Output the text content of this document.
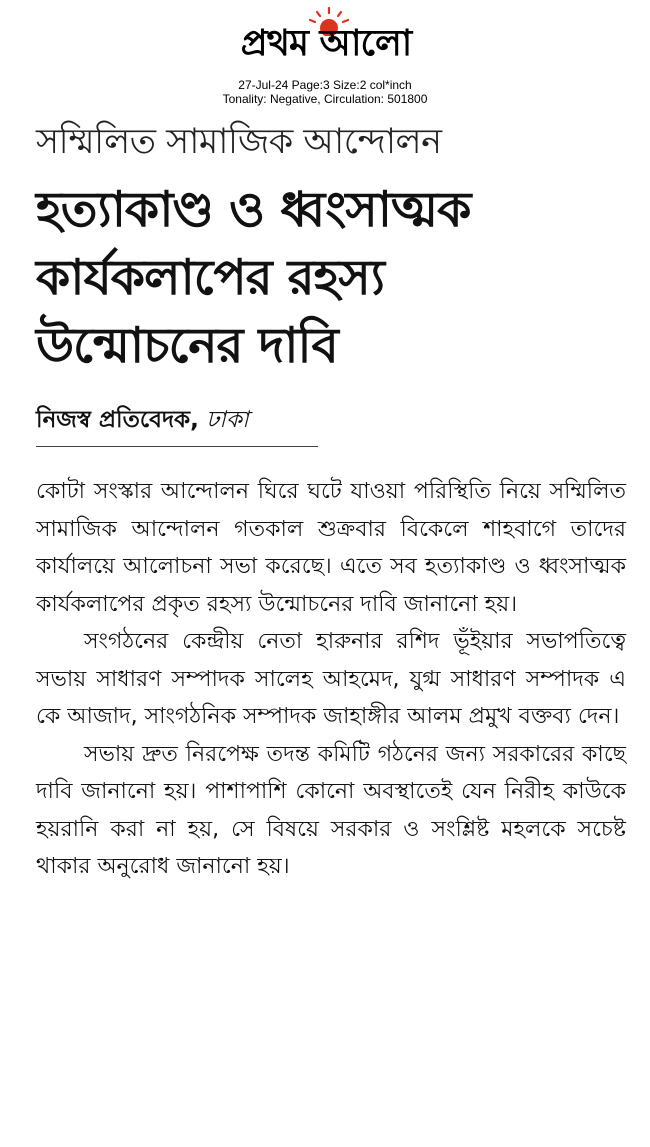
প্রথম আলো
27-Jul-24 Page:3 Size:2 col*inch
Tonality: Negative, Circulation: 501800
সম্মিলিত সামাজিক আন্দোলন
হত্যাকাণ্ড ও ধ্বংসাত্মক
কার্যকলাপের রহস্য
উন্মোচনের দাবি
নিজস্ব প্রতিবেদক, ঢাকা

কোটা সংস্কার আন্দোলন ঘিরে ঘটে যাওয়া পরিস্থিতি নিয়ে সম্মিলিত সামাজিক আন্দোলন গতকাল শুক্রবার বিকেলে শাহবাগে তাদের কার্যালয়ে আলোচনা সভা করেছে। এতে সব হত্যাকাণ্ড ও ধ্বংসাত্মক কার্যকলাপের প্রকৃত রহস্য উন্মোচনের দাবি জানানো হয়।

সংগঠনের কেন্দ্রীয় নেতা হারুনার রশিদ ভূঁইয়ার সভাপতিত্বে সভায় সাধারণ সম্পাদক সালেহ আহমেদ, যুগ্ম সাধারণ সম্পাদক এ কে আজাদ, সাংগঠনিক সম্পাদক জাহাঙ্গীর আলম প্রমুখ বক্তব্য দেন।

সভায় দ্রুত নিরপেক্ষ তদন্ত কমিটি গঠনের জন্য সরকারের কাছে দাবি জানানো হয়। পাশাপাশি কোনো অবস্থাতেই যেন নিরীহ কাউকে হয়রানি করা না হয়, সে বিষয়ে সরকার ও সংশ্লিষ্ট মহলকে সচেষ্ট থাকার অনুরোধ জানানো হয়।
